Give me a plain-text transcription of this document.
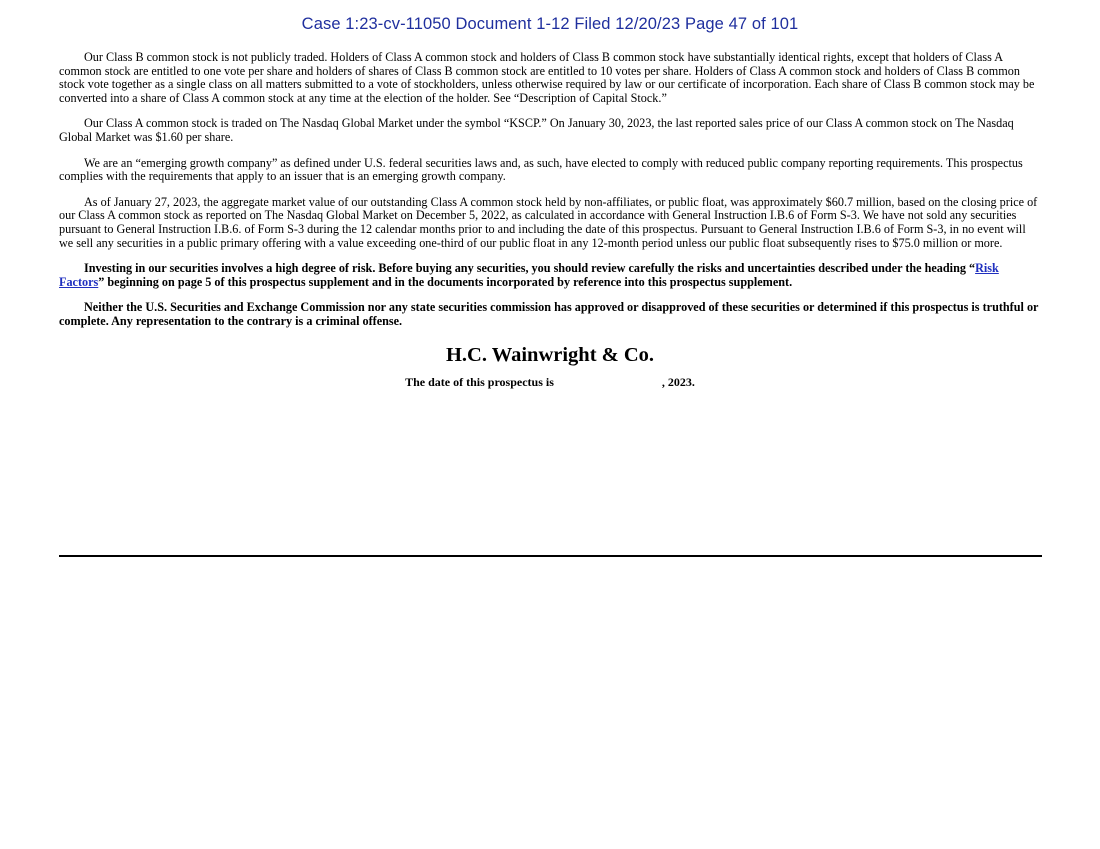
Case 1:23-cv-11050 Document 1-12 Filed 12/20/23 Page 47 of 101

Our Class B common stock is not publicly traded. Holders of Class A common stock and holders of Class B common stock have substantially identical rights, except that holders of Class A common stock are entitled to one vote per share and holders of shares of Class B common stock are entitled to 10 votes per share. Holders of Class A common stock and holders of Class B common stock vote together as a single class on all matters submitted to a vote of stockholders, unless otherwise required by law or our certificate of incorporation. Each share of Class B common stock may be converted into a share of Class A common stock at any time at the election of the holder. See “Description of Capital Stock.”

Our Class A common stock is traded on The Nasdaq Global Market under the symbol “KSCP.” On January 30, 2023, the last reported sales price of our Class A common stock on The Nasdaq Global Market was $1.60 per share.

We are an “emerging growth company” as defined under U.S. federal securities laws and, as such, have elected to comply with reduced public company reporting requirements. This prospectus complies with the requirements that apply to an issuer that is an emerging growth company.

As of January 27, 2023, the aggregate market value of our outstanding Class A common stock held by non-affiliates, or public float, was approximately $60.7 million, based on the closing price of our Class A common stock as reported on The Nasdaq Global Market on December 5, 2022, as calculated in accordance with General Instruction I.B.6 of Form S-3. We have not sold any securities pursuant to General Instruction I.B.6. of Form S-3 during the 12 calendar months prior to and including the date of this prospectus. Pursuant to General Instruction I.B.6 of Form S-3, in no event will we sell any securities in a public primary offering with a value exceeding one-third of our public float in any 12-month period unless our public float subsequently rises to $75.0 million or more.

Investing in our securities involves a high degree of risk. Before buying any securities, you should review carefully the risks and uncertainties described under the heading “Risk Factors” beginning on page 5 of this prospectus supplement and in the documents incorporated by reference into this prospectus supplement.

Neither the U.S. Securities and Exchange Commission nor any state securities commission has approved or disapproved of these securities or determined if this prospectus is truthful or complete. Any representation to the contrary is a criminal offense.

H.C. Wainwright & Co.
The date of this prospectus is	, 2023.
